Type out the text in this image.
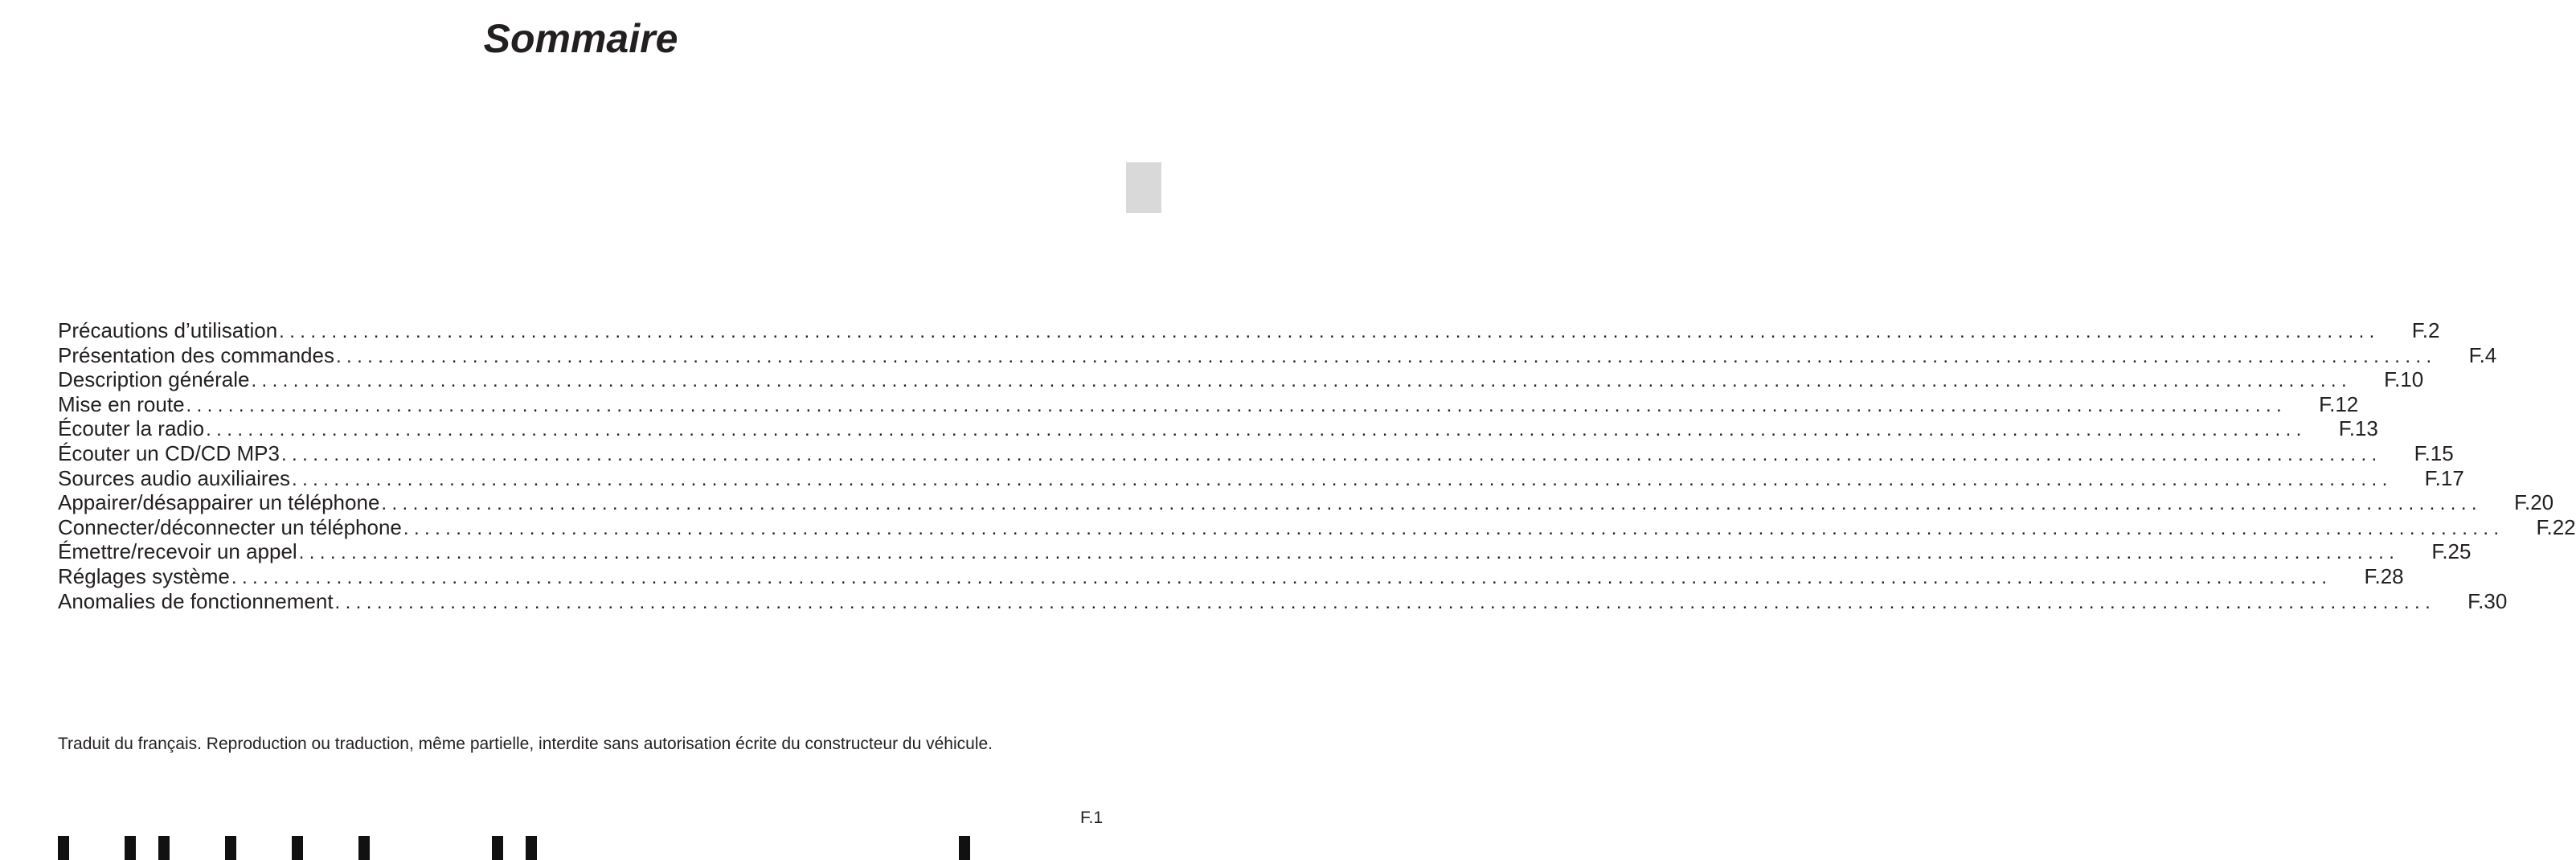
Sommaire
Précautions d’utilisation ........................................................................................................................................................................................................ F.2
Présentation des commandes ........................................................................................................................................................................................................ F.4
Description générale ........................................................................................................................................................................................................ F.10
Mise en route ........................................................................................................................................................................................................ F.12
Écouter la radio ........................................................................................................................................................................................................ F.13
Écouter un CD/CD MP3 ........................................................................................................................................................................................................ F.15
Sources audio auxiliaires ........................................................................................................................................................................................................ F.17
Appairer/désappairer un téléphone ........................................................................................................................................................................................................ F.20
Connecter/déconnecter un téléphone ........................................................................................................................................................................................................ F.22
Émettre/recevoir un appel ........................................................................................................................................................................................................ F.25
Réglages système ........................................................................................................................................................................................................ F.28
Anomalies de fonctionnement ........................................................................................................................................................................................................ F.30
Traduit du français. Reproduction ou traduction, même partielle, interdite sans autorisation écrite du constructeur du véhicule.
F.1
